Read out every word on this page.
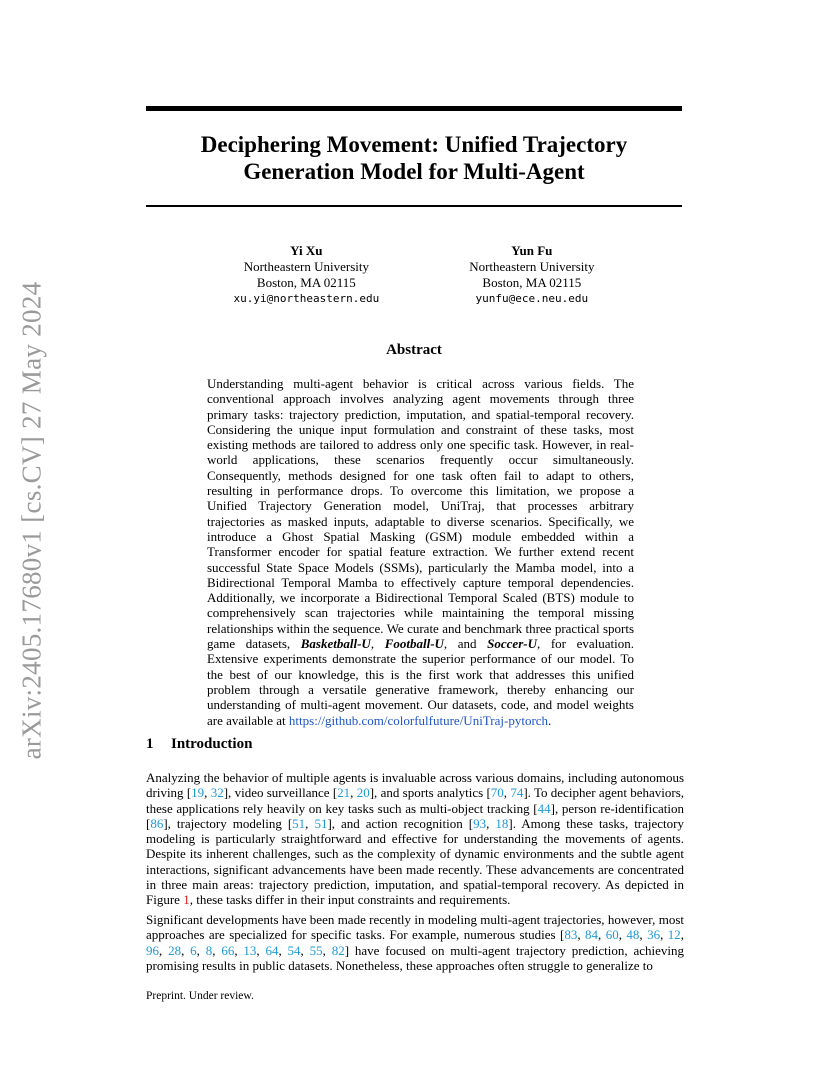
arXiv:2405.17680v1 [cs.CV] 27 May 2024
Deciphering Movement: Unified Trajectory
Generation Model for Multi-Agent
Yi Xu
Northeastern University
Boston, MA 02115
xu.yi@northeastern.edu
Yun Fu
Northeastern University
Boston, MA 02115
yunfu@ece.neu.edu
Abstract
Understanding multi-agent behavior is critical across various fields. The conventional approach involves analyzing agent movements through three primary tasks: trajectory prediction, imputation, and spatial-temporal recovery. Considering the unique input formulation and constraint of these tasks, most existing methods are tailored to address only one specific task. However, in real-world applications, these scenarios frequently occur simultaneously. Consequently, methods designed for one task often fail to adapt to others, resulting in performance drops. To overcome this limitation, we propose a Unified Trajectory Generation model, UniTraj, that processes arbitrary trajectories as masked inputs, adaptable to diverse scenarios. Specifically, we introduce a Ghost Spatial Masking (GSM) module embedded within a Transformer encoder for spatial feature extraction. We further extend recent successful State Space Models (SSMs), particularly the Mamba model, into a Bidirectional Temporal Mamba to effectively capture temporal dependencies. Additionally, we incorporate a Bidirectional Temporal Scaled (BTS) module to comprehensively scan trajectories while maintaining the temporal missing relationships within the sequence. We curate and benchmark three practical sports game datasets, Basketball-U, Football-U, and Soccer-U, for evaluation. Extensive experiments demonstrate the superior performance of our model. To the best of our knowledge, this is the first work that addresses this unified problem through a versatile generative framework, thereby enhancing our understanding of multi-agent movement. Our datasets, code, and model weights are available at https://github.com/colorfulfuture/UniTraj-pytorch.
1 Introduction
Analyzing the behavior of multiple agents is invaluable across various domains, including autonomous driving [19, 32], video surveillance [21, 20], and sports analytics [70, 74]. To decipher agent behaviors, these applications rely heavily on key tasks such as multi-object tracking [44], person re-identification [86], trajectory modeling [51, 51], and action recognition [93, 18]. Among these tasks, trajectory modeling is particularly straightforward and effective for understanding the movements of agents. Despite its inherent challenges, such as the complexity of dynamic environments and the subtle agent interactions, significant advancements have been made recently. These advancements are concentrated in three main areas: trajectory prediction, imputation, and spatial-temporal recovery. As depicted in Figure 1, these tasks differ in their input constraints and requirements.
Significant developments have been made recently in modeling multi-agent trajectories, however, most approaches are specialized for specific tasks. For example, numerous studies [83, 84, 60, 48, 36, 12, 96, 28, 6, 8, 66, 13, 64, 54, 55, 82] have focused on multi-agent trajectory prediction, achieving promising results in public datasets. Nonetheless, these approaches often struggle to generalize to
Preprint. Under review.
